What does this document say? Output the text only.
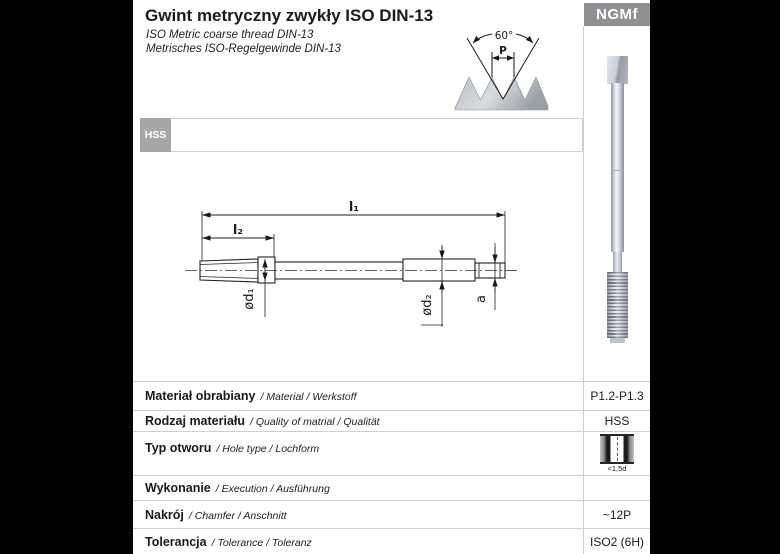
Gwint metryczny zwykły ISO DIN-13
ISO Metric coarse thread DIN-13
Metrisches ISO-Regelgewinde DIN-13
NGMf
60°
P
HSS
l₁
l₂
ød₁	ød₂	a
Materiał obrabiany / Material / Werkstoff	P1.2-P1.3
Rodzaj materiału / Quality of matrial / Qualität	HSS
Typ otworu / Hole type / Lochform
<1,5d
Wykonanie / Execution / Ausführung
Nakrój / Chamfer / Anschnitt	~12P
Tolerancja / Tolerance / Toleranz	ISO2 (6H)
